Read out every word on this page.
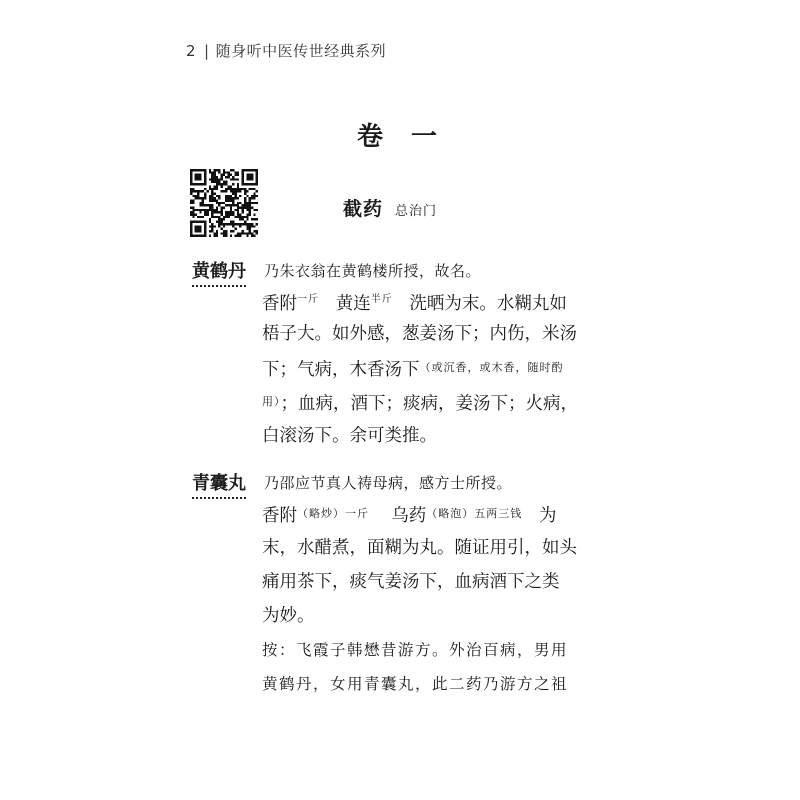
2 | 随身听中医传世经典系列
卷一
截药 总治门
黄鹤丹 乃朱衣翁在黄鹤楼所授，故名。
香附$^{一斤}$ 黄连$^{半斤}$ 洗晒为末。水糊丸如
梧子大。如外感，葱姜汤下；内伤，米汤
下；气病，木香汤下$^{(或沉香,或木香,随时酌}$
$^{用)}$；血病，酒下；痰病，姜汤下；火病，
白滚汤下。余可类推。
青囊丸 乃邵应节真人祷母病，感方士所授。
香附$^{(略炒)一斤}$ 乌药$^{(略泡)五两三钱}$ 为
末，水醋煮，面糊为丸。随证用引，如头
痛用茶下，痰气姜汤下，血病酒下之类
为妙。
按：飞霞子韩懋昔游方。外治百病，男用
黄鹤丹，女用青囊丸，此二药乃游方之祖
